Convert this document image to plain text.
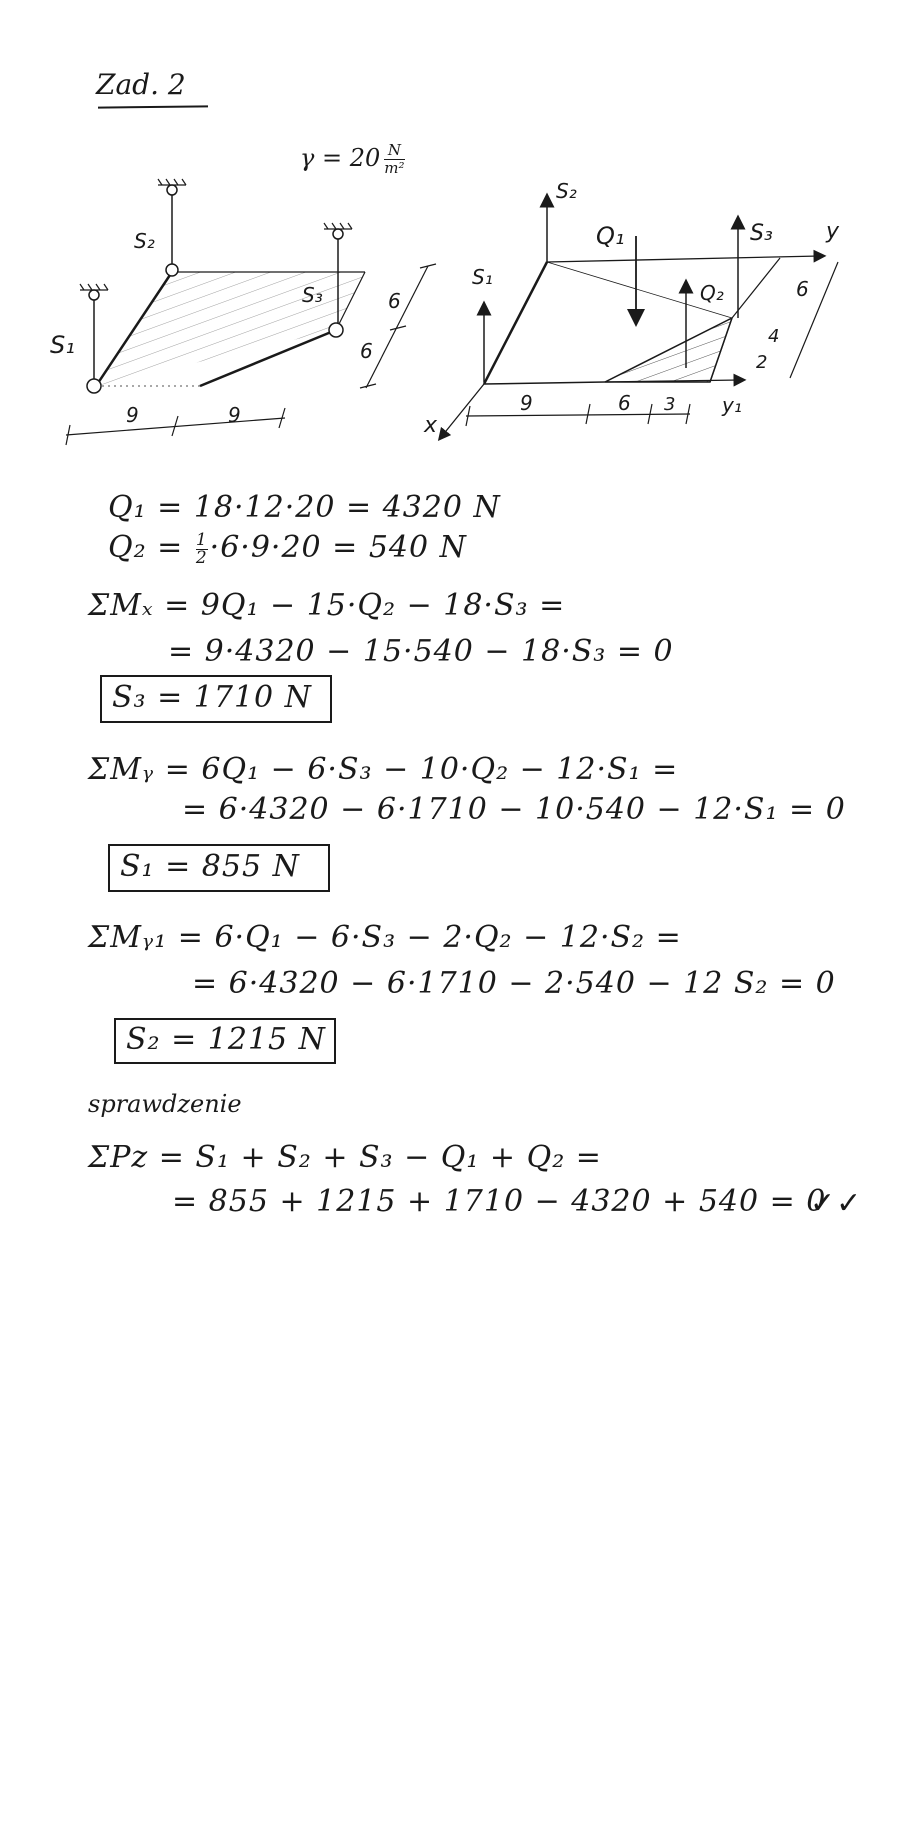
Zad. 2
$\gamma = 20 \frac{N}{\text{m²}}$
S₁
S₂
S₃	6
6
9	9
S₂
S₁
Q₁
Q₂
S₃ y
x
y₁
6
4
2
9	6 3
Q₁ = 18·12·20 = 4320 N
$Q_2 = \frac{1}{2} \cdot 6\cdot 9\cdot 20 = 540$ N
ΣMₓ = 9Q₁ − 15·Q₂ − 18·S₃ =
= 9·4320 − 15·540 − 18·S₃ = 0
S₃ = 1710 N
ΣMᵧ = 6Q₁ − 6·S₃ − 10·Q₂ − 12·S₁ =
= 6·4320 − 6·1710 − 10·540 − 12·S₁ = 0
S₁ = 855 N
ΣMᵧ₁ = 6·Q₁ − 6·S₃ − 2·Q₂ − 12·S₂ =
= 6·4320 − 6·1710 − 2·540 − 12 S₂ = 0
S₂ = 1215 N
sprawdzenie
ΣPz = S₁ + S₂ + S₃ − Q₁ + Q₂ =
= 855 + 1215 + 1710 − 4320 + 540 = 0
✓✓
